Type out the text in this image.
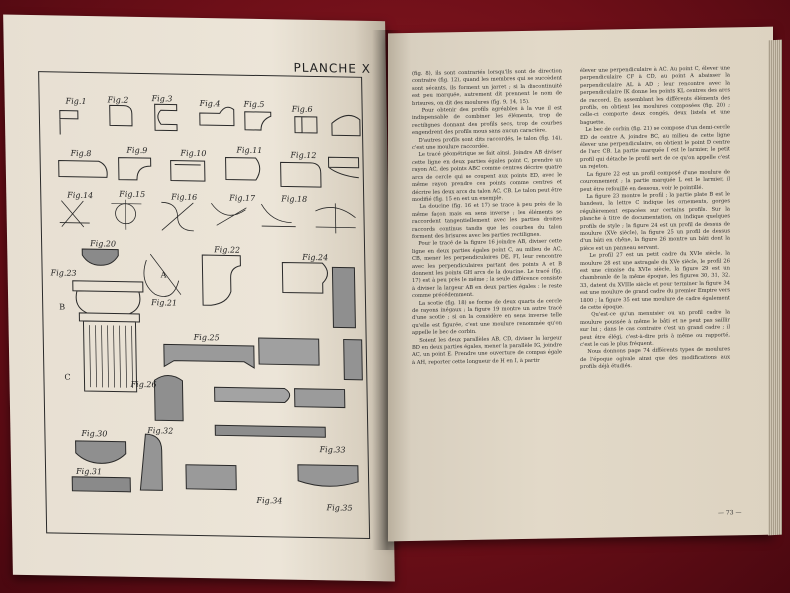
PLANCHE X
Fig.1	Fig.2	Fig.3
Fig.4	Fig.5
Fig.6
Fig.8	Fig.9	Fig.10	Fig.11
Fig.12
Fig.14	Fig.15	Fig.16	Fig.17	Fig.18
Fig.20
Fig.21
Fig.22
Fig.23
Fig.24
Fig.25
Fig.26
Fig.30
Fig.31
Fig.32
Fig.33
Fig.34
Fig.35
B
C
A
(fig. 8), ils sont contrariés lorsqu'ils sont de direction contraire (fig. 12), quand les membres qui se succèdent sont sécants, ils forment un jarret ; si la discontinuité est peu marquée, autrement dit prennent le nom de brisures, on dit des moulures (fig. 9, 14, 15).
Pour obtenir des profils agréables à la vue il est indispensable de combiner les éléments, trop de rectilignes donnant des profils secs, trop de courbes engendrent des profils mous sans aucun caractère.
D'autres profils sont dits raccordés, le talon (fig. 14), c'est une moulure raccordée.
Le tracé géométrique se fait ainsi. Joindre AB diviser cette ligne en deux parties égales point C, prendre un rayon AC, des points ABC comme centres décrire quatre arcs de cercle qui se coupent aux points ED, avec le même rayon prendre ces points comme centres et décrire les deux arcs du talon AC, CB. Le talon peut être modifié (fig. 15 en est un exemple.
La doucine (fig. 16 et 17) se trace à peu près de la même façon mais en sens inverse ; les éléments se raccordent tangentiellement avec les parties droites raccords continus tandis que les courbes du talon forment des brisures avec les parties rectilignes.
Pour le tracé de la figure 16 joindre AB, diviser cette ligne en deux parties égales point C, au milieu de AC, CB, mener les perpendiculaires DE, FI, leur rencontre avec les perpendiculaires partant des points A et B donnent les points GH arcs de la doucine. Le tracé (fig. 17) est à peu près le même ; la seule différence consiste à diviser la largeur AB en deux parties égales : le reste comme précédemment.
La scotie (fig. 18) se forme de deux quarts de cercle de rayons inégaux ; la figure 19 montre un autre tracé d'une scotie ; si on la considère en sens inverse telle qu'elle est figurée, c'est une moulure renommée qu'on appelle le bec de corbin.
Soient les deux parallèles AB, CD, diviser la largeur BD en deux parties égales, mener la parallèle IG, joindre AC, un point E. Prendre une ouverture de compas égale à AH, reporter cette longueur de H en I, à partir
élever une perpendiculaire à AC. Au point C, élever une perpendiculaire CF à CD, au point A abaisser la perpendiculaire AL à AD ; leur rencontre avec la perpendiculaire IK donne les points KL centres des arcs de raccord. En assemblant les différents éléments des profils, on obtient les moulures composées (fig. 20) ; celle-ci comporte deux congés, deux listels et une baguette.
Le bec de corbin (fig. 21) se compose d'un demi-cercle ED de centre A, joindre BC, au milieu de cette ligne élever une perpendiculaire, on obtient le point D centre de l'arc CB. La partie marquée I est le larmier, le petit profil qui détache le profil sert de ce qu'on appelle c'est un rejeton.
La figure 22 est un profil composé d'une moulure de couronnement ; la partie marquée L est le larmier, il peut être refouillé en dessous, voir le pointillé.
La figure 23 montre le profil ; la partie plate B est le bandeau, la lettre C indique les ornements, gorges régulièrement espacées sur certains profils. Sur la planche à titre de documentation, on indique quelques profils de style ; la figure 24 est un profil de dessus de moulure (XVe siècle), la figure 25 un profil de dessus d'un bâti en chêne, la figure 26 montre un bâti dont la pièce est un panneau servant.
Le profil 27 est un petit cadre du XVIe siècle, la moulure 28 est une astragale du XVe siècle, le profil 26 est une cimaise du XVIe siècle, la figure 29 est un chambranle de la même époque, les figures 30, 31, 32, 33, datent du XVIIIe siècle et pour terminer la figure 34 est une moulure de grand cadre du premier Empire vers 1800 ; la figure 35 est une moulure de cadre également de cette époque.
Qu'est-ce qu'un menuisier ou un profil cadre la moulure poussée à même le bâti et ne peut pas saillir sur lui ; dans le cas contraire c'est un grand cadre ; il peut être élégi, c'est-à-dire pris à même ou rapporté, c'est le cas le plus fréquent.
Nous donnons page 74 différents types de moulures de l'époque ogivale ainsi que des modifications aux profils déjà étudiés.
— 73 —
